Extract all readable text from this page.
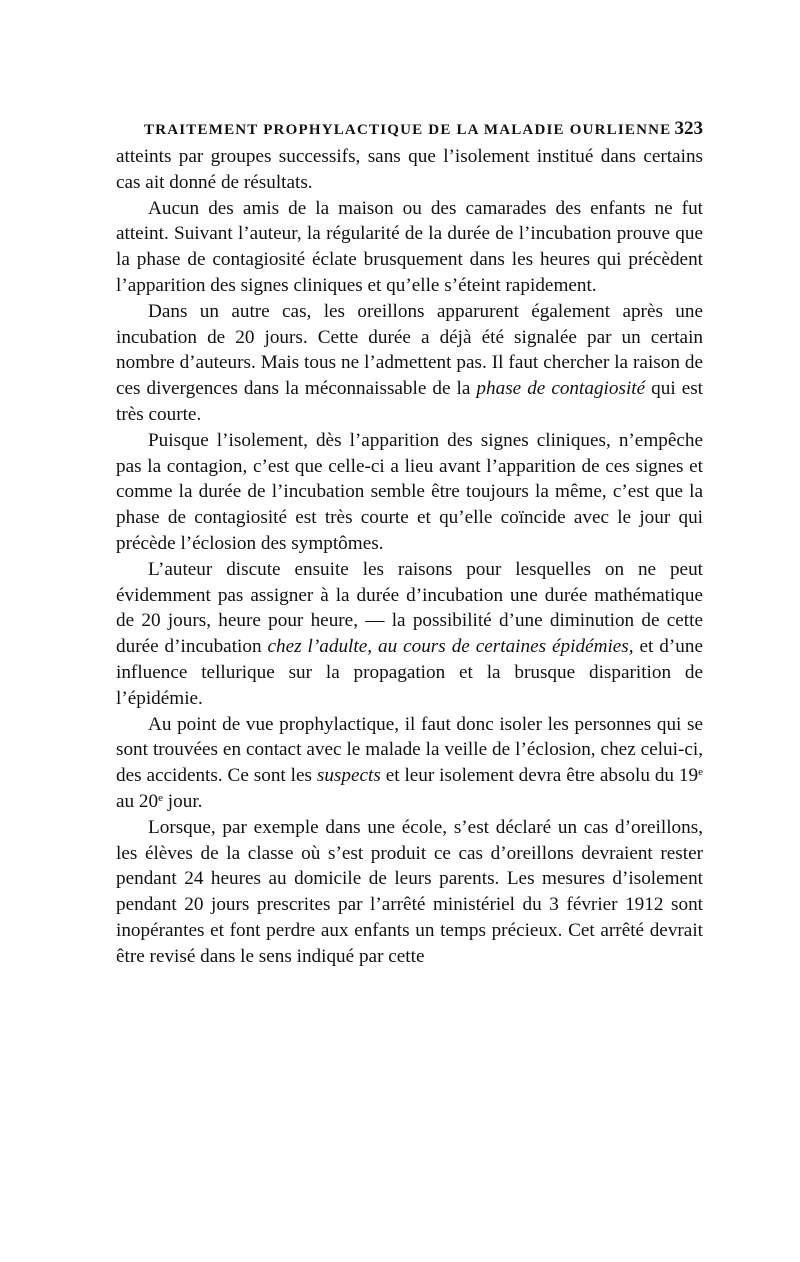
TRAITEMENT PROPHYLACTIQUE DE LA MALADIE OURLIENNE 323

atteints par groupes successifs, sans que l’isolement institué dans certains cas ait donné de résultats.

Aucun des amis de la maison ou des camarades des enfants ne fut atteint. Suivant l’auteur, la régularité de la durée de l’incubation prouve que la phase de contagiosité éclate brusquement dans les heures qui précèdent l’apparition des signes cliniques et qu’elle s’éteint rapidement.

Dans un autre cas, les oreillons apparurent également après une incubation de 20 jours. Cette durée a déjà été signalée par un certain nombre d’auteurs. Mais tous ne l’admettent pas. Il faut chercher la raison de ces divergences dans la méconnaissable de la phase de contagiosité qui est très courte.

Puisque l’isolement, dès l’apparition des signes cliniques, n’empêche pas la contagion, c’est que celle-ci a lieu avant l’apparition de ces signes et comme la durée de l’incubation semble être toujours la même, c’est que la phase de contagiosité est très courte et qu’elle coïncide avec le jour qui précède l’éclosion des symptômes.

L’auteur discute ensuite les raisons pour lesquelles on ne peut évidemment pas assigner à la durée d’incubation une durée mathématique de 20 jours, heure pour heure, — la possibilité d’une diminution de cette durée d’incubation chez l’adulte, au cours de certaines épidémies, et d’une influence tellurique sur la propagation et la brusque disparition de l’épidémie.

Au point de vue prophylactique, il faut donc isoler les personnes qui se sont trouvées en contact avec le malade la veille de l’éclosion, chez celui-ci, des accidents. Ce sont les suspects et leur isolement devra être absolu du 19e au 20e jour.

Lorsque, par exemple dans une école, s’est déclaré un cas d’oreillons, les élèves de la classe où s’est produit ce cas d’oreillons devraient rester pendant 24 heures au domicile de leurs parents. Les mesures d’isolement pendant 20 jours prescrites par l’arrêté ministériel du 3 février 1912 sont inopérantes et font perdre aux enfants un temps précieux. Cet arrêté devrait être revisé dans le sens indiqué par cette
